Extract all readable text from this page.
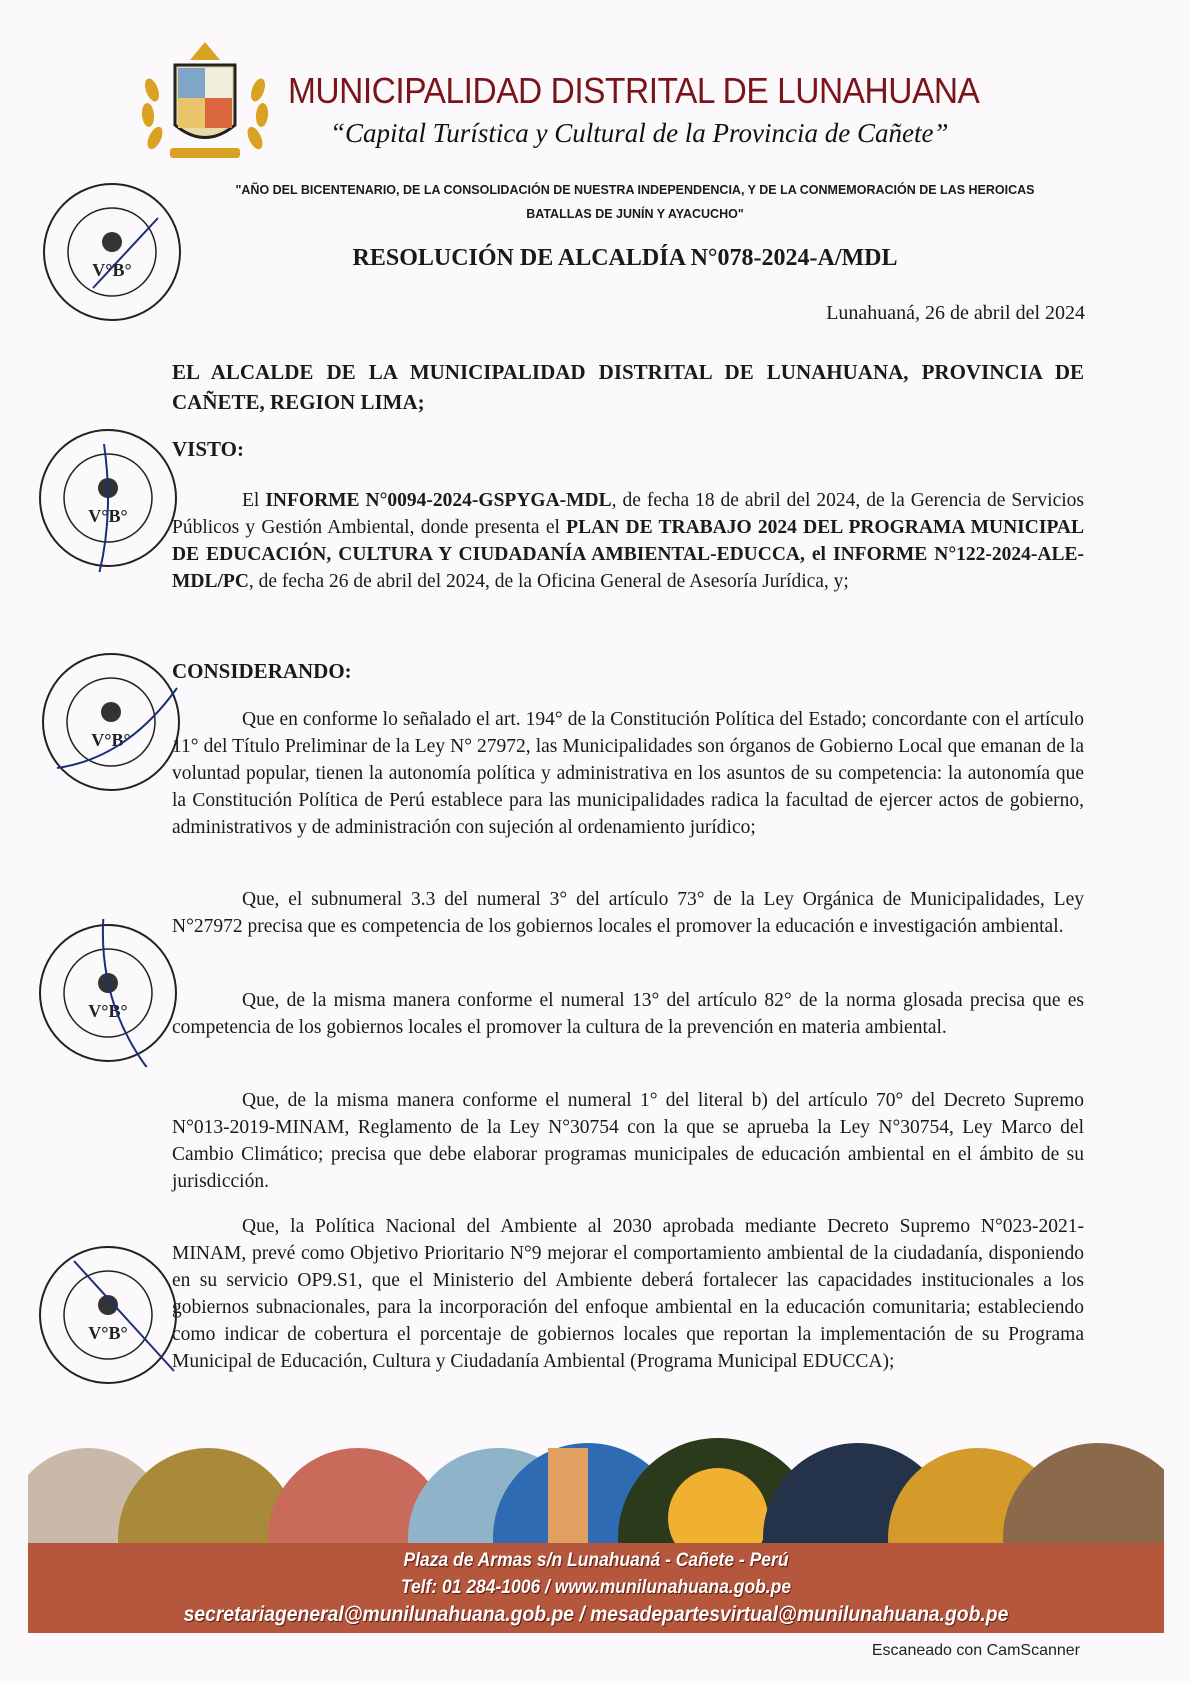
MUNICIPALIDAD DISTRITAL DE LUNAHUANA
“Capital Turística y Cultural de la Provincia de Cañete”
"AÑO DEL BICENTENARIO, DE LA CONSOLIDACIÓN DE NUESTRA INDEPENDENCIA, Y DE LA CONMEMORACIÓN DE LAS HEROICAS
BATALLAS DE JUNÍN Y AYACUCHO"
RESOLUCIÓN DE ALCALDÍA N°078-2024-A/MDL
Lunahuaná, 26 de abril del 2024
EL ALCALDE DE LA MUNICIPALIDAD DISTRITAL DE LUNAHUANA, PROVINCIA DE CAÑETE, REGION LIMA;
VISTO:
El INFORME N°0094-2024-GSPYGA-MDL, de fecha 18 de abril del 2024, de la Gerencia de Servicios Públicos y Gestión Ambiental, donde presenta el PLAN DE TRABAJO 2024 DEL PROGRAMA MUNICIPAL DE EDUCACIÓN, CULTURA Y CIUDADANÍA AMBIENTAL-EDUCCA, el INFORME N°122-2024-ALE-MDL/PC, de fecha 26 de abril del 2024, de la Oficina General de Asesoría Jurídica, y;
CONSIDERANDO:
Que en conforme lo señalado el art. 194° de la Constitución Política del Estado; concordante con el artículo 11° del Título Preliminar de la Ley N° 27972, las Municipalidades son órganos de Gobierno Local que emanan de la voluntad popular, tienen la autonomía política y administrativa en los asuntos de su competencia: la autonomía que la Constitución Política de Perú establece para las municipalidades radica la facultad de ejercer actos de gobierno, administrativos y de administración con sujeción al ordenamiento jurídico;
Que, el subnumeral 3.3 del numeral 3° del artículo 73° de la Ley Orgánica de Municipalidades, Ley N°27972 precisa que es competencia de los gobiernos locales el promover la educación e investigación ambiental.
Que, de la misma manera conforme el numeral 13° del artículo 82° de la norma glosada precisa que es competencia de los gobiernos locales el promover la cultura de la prevención en materia ambiental.
Que, de la misma manera conforme el numeral 1° del literal b) del artículo 70° del Decreto Supremo N°013-2019-MINAM, Reglamento de la Ley N°30754 con la que se aprueba la Ley N°30754, Ley Marco del Cambio Climático; precisa que debe elaborar programas municipales de educación ambiental en el ámbito de su jurisdicción.
Que, la Política Nacional del Ambiente al 2030 aprobada mediante Decreto Supremo N°023-2021-MINAM, prevé como Objetivo Prioritario N°9 mejorar el comportamiento ambiental de la ciudadanía, disponiendo en su servicio OP9.S1, que el Ministerio del Ambiente deberá fortalecer las capacidades institucionales a los gobiernos subnacionales, para la incorporación del enfoque ambiental en la educación comunitaria; estableciendo como indicar de cobertura el porcentaje de gobiernos locales que reportan la implementación de su Programa Municipal de Educación, Cultura y Ciudadanía Ambiental (Programa Municipal EDUCCA);
V°B°
V°B°
V°B°
V°B°
V°B°
Plaza de Armas s/n Lunahuaná - Cañete - Perú
Telf: 01 284-1006 / www.munilunahuana.gob.pe
secretariageneral@munilunahuana.gob.pe / mesadepartesvirtual@munilunahuana.gob.pe
Escaneado con CamScanner
